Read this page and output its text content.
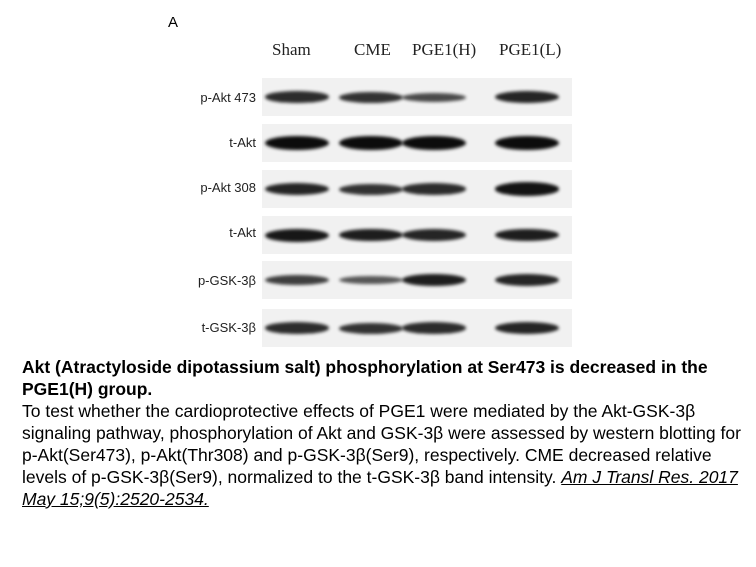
A
Sham	CME PGE1(H) PGE1(L)
p-Akt 473
t-Akt
p-Akt 308
t-Akt
p-GSK-3β
t-GSK-3β
Akt (Atractyloside dipotassium salt) phosphorylation at Ser473 is decreased in the PGE1(H) group.
To test whether the cardioprotective effects of PGE1 were mediated by the Akt-GSK-3β signaling pathway, phosphorylation of Akt and GSK-3β were assessed by western blotting for p-Akt(Ser473), p-Akt(Thr308) and p-GSK-3β(Ser9), respectively. CME decreased relative levels of p-GSK-3β(Ser9), normalized to the t-GSK-3β band intensity. Am J Transl Res. 2017 May 15;9(5):2520-2534.
